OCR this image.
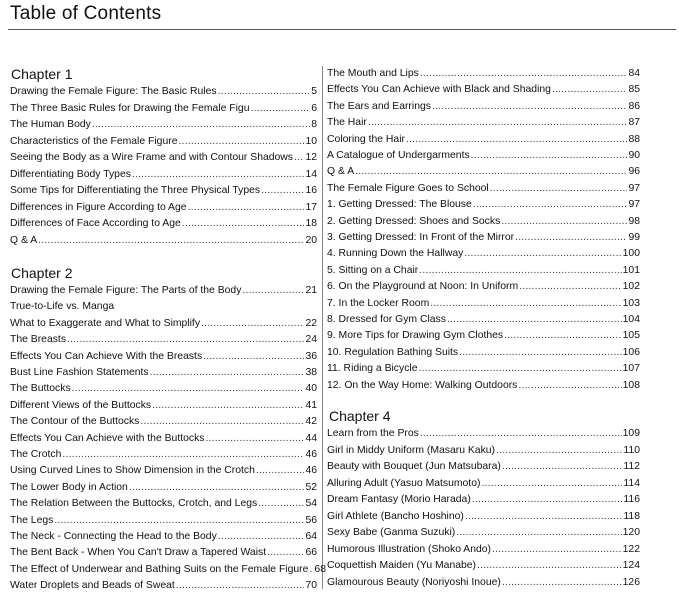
Table of Contents
Chapter 1
Chapter 2
Drawing the Female Figure: The Basic Rules .....	5
The Three Basic Rules for Drawing the Female Figu .....	6
The Human Body .....	8
Characteristics of the Female Figure .....	10
Seeing the Body as a Wire Frame and with Contour Shadows ..... 12
Differentiating Body Types .....	14
Some Tips for Differentiating the Three Physical Types .....	16
Differences in Figure According to Age .....	17
Differences of Face According to Age .....	18
Q & A .....	20
Drawing the Female Figure: The Parts of the Body .....	21
True-to-Life vs. Manga
What to Exaggerate and What to Simplify .....	22
The Breasts .....	24
Effects You Can Achieve With the Breasts .....	36
Bust Line Fashion Statements .....	38
The Buttocks .....	40
Different Views of the Buttocks .....	41
The Contour of the Buttocks .....	42
Effects You Can Achieve with the Buttocks .....	44
The Crotch .....	46
Using Curved Lines to Show Dimension in the Crotch .....	46
The Lower Body in Action .....	52
The Relation Between the Buttocks, Crotch, and Legs .....	54
The Legs .....	56
The Neck - Connecting the Head to the Body .....	64
The Bent Back - When You Can't Draw a Tapered Waist .....	66
The Effect of Underwear and Bathing Suits on the Female Figure ..... 68
Water Droplets and Beads of Sweat .....	70
Chapter 4
The Mouth and Lips .....	84
Effects You Can Achieve with Black and Shading .....	85
The Ears and Earrings .....	86
The Hair .....	87
Coloring the Hair .....	88
A Catalogue of Undergarments .....	90
Q & A .....	96
The Female Figure Goes to School .....	97
1. Getting Dressed: The Blouse .....	97
2. Getting Dressed: Shoes and Socks .....	98
3. Getting Dressed: In Front of the Mirror .....	99
4. Running Down the Hallway .....	100
5. Sitting on a Chair .....	101
6. On the Playground at Noon: In Uniform .....	102
7. In the Locker Room .....	103
8. Dressed for Gym Class .....	104
9. More Tips for Drawing Gym Clothes .....	105
10. Regulation Bathing Suits .....	106
11. Riding a Bicycle .....	107
12. On the Way Home: Walking Outdoors .....	108
Learn from the Pros .....	109
Girl in Middy Uniform (Masaru Kaku) .....	110
Beauty with Bouquet (Jun Matsubara) .....	112
Alluring Adult (Yasuo Matsumoto) .....	114
Dream Fantasy (Morio Harada) .....	116
Girl Athlete (Bancho Hoshino) .....	118
Sexy Babe (Ganma Suzuki) .....	120
Humorous Illustration (Shoko Ando) .....	122
Coquettish Maiden (Yu Manabe) .....	124
Glamourous Beauty (Noriyoshi Inoue) .....	126
